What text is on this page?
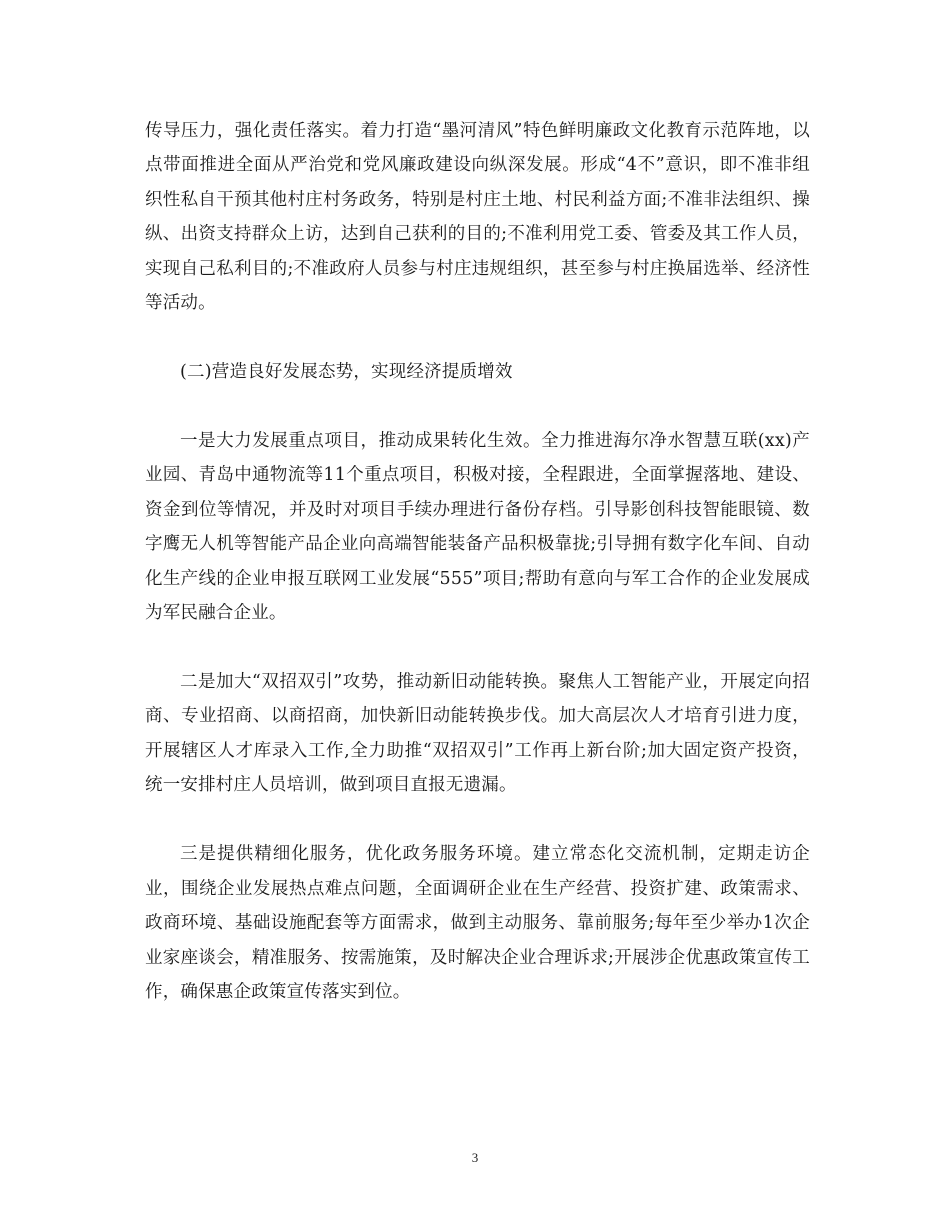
传导压力，强化责任落实。着力打造“墨河清风”特色鲜明廉政文化教育示范阵地，以点带面推进全面从严治党和党风廉政建设向纵深发展。形成“4不”意识，即不准非组织性私自干预其他村庄村务政务，特别是村庄土地、村民利益方面;不准非法组织、操纵、出资支持群众上访，达到自己获利的目的;不准利用党工委、管委及其工作人员，实现自己私利目的;不准政府人员参与村庄违规组织，甚至参与村庄换届选举、经济性等活动。

(二)营造良好发展态势，实现经济提质增效

一是大力发展重点项目，推动成果转化生效。全力推进海尔净水智慧互联(xx)产业园、青岛中通物流等11个重点项目，积极对接，全程跟进，全面掌握落地、建设、资金到位等情况，并及时对项目手续办理进行备份存档。引导影创科技智能眼镜、数字鹰无人机等智能产品企业向高端智能装备产品积极靠拢;引导拥有数字化车间、自动化生产线的企业申报互联网工业发展“555”项目;帮助有意向与军工合作的企业发展成为军民融合企业。

二是加大“双招双引”攻势，推动新旧动能转换。聚焦人工智能产业，开展定向招商、专业招商、以商招商，加快新旧动能转换步伐。加大高层次人才培育引进力度，开展辖区人才库录入工作,全力助推“双招双引”工作再上新台阶;加大固定资产投资，统一安排村庄人员培训，做到项目直报无遗漏。

三是提供精细化服务，优化政务服务环境。建立常态化交流机制，定期走访企业，围绕企业发展热点难点问题，全面调研企业在生产经营、投资扩建、政策需求、政商环境、基础设施配套等方面需求，做到主动服务、靠前服务;每年至少举办1次企业家座谈会，精准服务、按需施策，及时解决企业合理诉求;开展涉企优惠政策宣传工作，确保惠企政策宣传落实到位。

3
